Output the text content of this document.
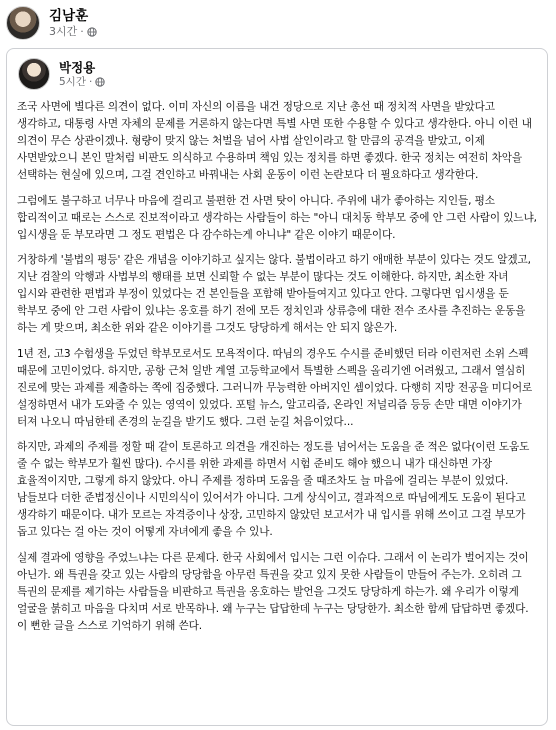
김남훈
3시간 ·
박정용
5시간 ·

조국 사면에 별다른 의견이 없다. 이미 자신의 이름을 내건 정당으로 지난 총선 때 정치적 사면을 받았다고 생각하고, 대통령 사면 자체의 문제를 거론하지 않는다면 특별 사면 또한 수용할 수 있다고 생각한다. 아니 이런 내 의견이 무슨 상관이겠나. 형량이 맞지 않는 처벌을 넘어 사법 살인이라고 할 만큼의 공격을 받았고, 이제 사면받았으니 본인 말처럼 비판도 의식하고 수용하며 책임 있는 정치를 하면 좋겠다. 한국 정치는 여전히 차악을 선택하는 현실에 있으며, 그걸 견인하고 바꿔내는 사회 운동이 이런 논란보다 더 필요하다고 생각한다.

그럼에도 불구하고 너무나 마음에 걸리고 불편한 건 사면 탓이 아니다. 주위에 내가 좋아하는 지인들, 평소 합리적이고 때로는 스스로 진보적이라고 생각하는 사람들이 하는 "아니 대치동 학부모 중에 안 그런 사람이 있느냐, 입시생을 둔 부모라면 그 정도 편법은 다 감수하는게 아니냐" 같은 이야기 때문이다.

거창하게 '불법의 평등' 같은 개념을 이야기하고 싶지는 않다. 불법이라고 하기 애매한 부분이 있다는 것도 알겠고, 지난 검찰의 악행과 사법부의 행태를 보면 신뢰할 수 없는 부분이 많다는 것도 이해한다. 하지만, 최소한 자녀 입시와 관련한 편법과 부정이 있었다는 건 본인들을 포함해 받아들여지고 있다고 안다. 그렇다면 입시생을 둔 학부모 중에 안 그런 사람이 있냐는 옹호를 하기 전에 모든 정치인과 상류층에 대한 전수 조사를 추진하는 운동을 하는 게 맞으며, 최소한 위와 같은 이야기를 그것도 당당하게 해서는 안 되지 않은가.

1년 전, 고3 수험생을 두었던 학부모로서도 모욕적이다. 따님의 경우도 수시를 준비했던 터라 이런저런 소위 스펙 때문에 고민이었다. 하지만, 공항 근처 일반 계열 고등학교에서 특별한 스펙을 올리기엔 어려웠고, 그래서 열심히 진로에 맞는 과제를 제출하는 쪽에 집중했다. 그러니까 무능력한 아버지인 셈이었다. 다행히 지망 전공을 미디어로 설정하면서 내가 도와줄 수 있는 영역이 있었다. 포털 뉴스, 알고리즘, 온라인 저널리즘 등등 손만 대면 이야기가 터져 나오니 따님한테 존경의 눈길을 받기도 했다. 그런 눈길 처음이었다...

하지만, 과제의 주제를 정할 때 같이 토론하고 의견을 개진하는 정도를 넘어서는 도움을 준 적은 없다(이런 도움도 줄 수 없는 학부모가 훨씬 많다). 수시를 위한 과제를 하면서 시험 준비도 해야 했으니 내가 대신하면 가장 효율적이지만, 그렇게 하지 않았다. 아니 주제를 정하며 도움을 줄 때조차도 늘 마음에 걸리는 부분이 있었다. 남들보다 더한 준법정신이나 시민의식이 있어서가 아니다. 그게 상식이고, 결과적으로 따님에게도 도움이 된다고 생각하기 때문이다. 내가 모르는 자격증이나 상장, 고민하지 않았던 보고서가 내 입시를 위해 쓰이고 그걸 부모가 돕고 있다는 걸 아는 것이 어떻게 자녀에게 좋을 수 있나.

실제 결과에 영향을 주었느냐는 다른 문제다. 한국 사회에서 입시는 그런 이슈다. 그래서 이 논리가 벌어지는 것이 아닌가. 왜 특권을 갖고 있는 사람의 당당함을 아무런 특권을 갖고 있지 못한 사람들이 만들어 주는가. 오히려 그 특권의 문제를 제기하는 사람들을 비판하고 특권을 옹호하는 발언을 그것도 당당하게 하는가. 왜 우리가 이렇게 얼굴을 붉히고 마음을 다치며 서로 반목하나. 왜 누구는 답답한데 누구는 당당한가. 최소한 함께 답답하면 좋겠다. 이 뻔한 글을 스스로 기억하기 위해 쓴다.
